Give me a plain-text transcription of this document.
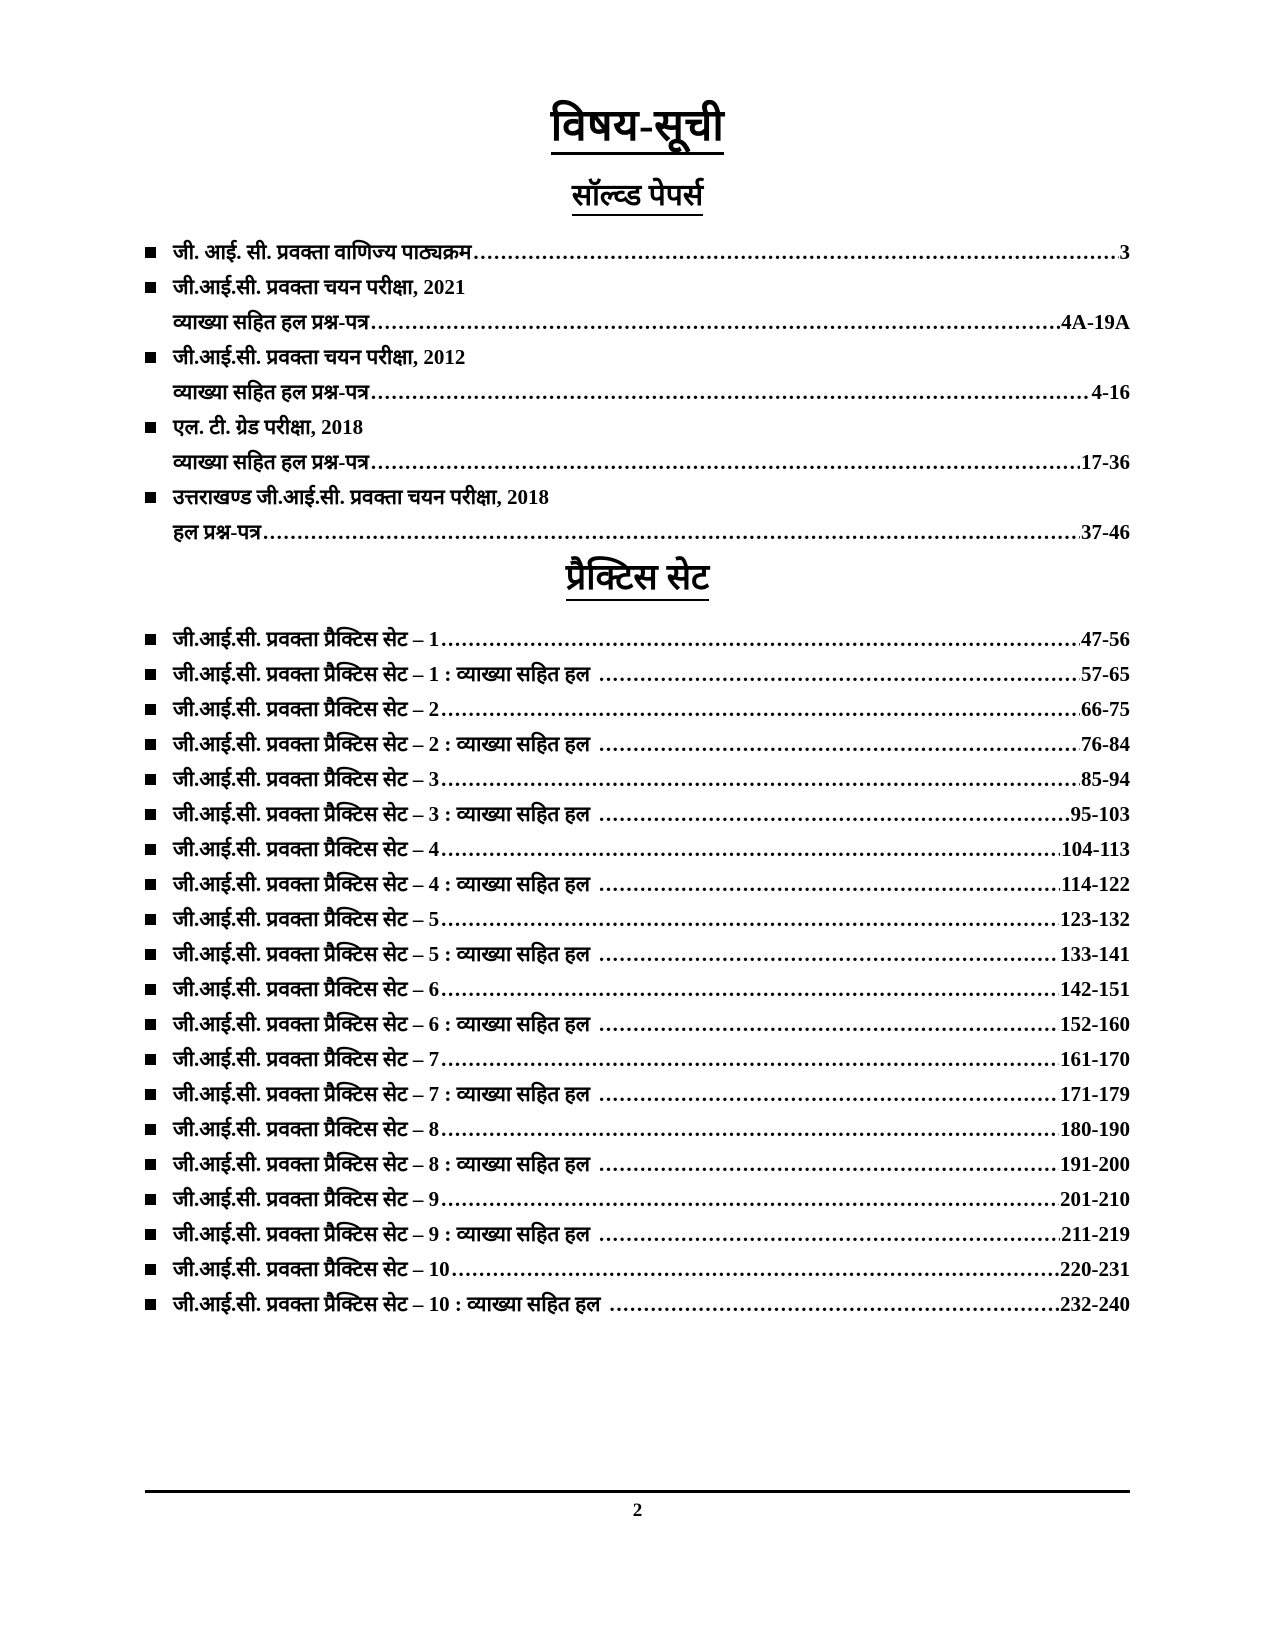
विषय-सूची
सॉल्व्ड पेपर्स
जी. आई. सी. प्रवक्ता वाणिज्य पाठ्यक्रम .....	3
जी.आई.सी. प्रवक्ता चयन परीक्षा, 2021
व्याख्या सहित हल प्रश्न-पत्र .....	4A-19A
जी.आई.सी. प्रवक्ता चयन परीक्षा, 2012
व्याख्या सहित हल प्रश्न-पत्र .....	4-16
एल. टी. ग्रेड परीक्षा, 2018
व्याख्या सहित हल प्रश्न-पत्र .....	17-36
उत्तराखण्ड जी.आई.सी. प्रवक्ता चयन परीक्षा, 2018
हल प्रश्न-पत्र .....	37-46
प्रैक्टिस सेट
जी.आई.सी. प्रवक्ता प्रैक्टिस सेट – 1 .....	47-56
जी.आई.सी. प्रवक्ता प्रैक्टिस सेट – 1 : व्याख्या सहित हल .....	57-65
जी.आई.सी. प्रवक्ता प्रैक्टिस सेट – 2 .....	66-75
जी.आई.सी. प्रवक्ता प्रैक्टिस सेट – 2 : व्याख्या सहित हल .....	76-84
जी.आई.सी. प्रवक्ता प्रैक्टिस सेट – 3 .....	85-94
जी.आई.सी. प्रवक्ता प्रैक्टिस सेट – 3 : व्याख्या सहित हल .....	95-103
जी.आई.सी. प्रवक्ता प्रैक्टिस सेट – 4 .....	104-113
जी.आई.सी. प्रवक्ता प्रैक्टिस सेट – 4 : व्याख्या सहित हल .....	114-122
जी.आई.सी. प्रवक्ता प्रैक्टिस सेट – 5 .....	123-132
जी.आई.सी. प्रवक्ता प्रैक्टिस सेट – 5 : व्याख्या सहित हल .....	133-141
जी.आई.सी. प्रवक्ता प्रैक्टिस सेट – 6 .....	142-151
जी.आई.सी. प्रवक्ता प्रैक्टिस सेट – 6 : व्याख्या सहित हल .....	152-160
जी.आई.सी. प्रवक्ता प्रैक्टिस सेट – 7 .....	161-170
जी.आई.सी. प्रवक्ता प्रैक्टिस सेट – 7 : व्याख्या सहित हल .....	171-179
जी.आई.सी. प्रवक्ता प्रैक्टिस सेट – 8 .....	180-190
जी.आई.सी. प्रवक्ता प्रैक्टिस सेट – 8 : व्याख्या सहित हल .....	191-200
जी.आई.सी. प्रवक्ता प्रैक्टिस सेट – 9 .....	201-210
जी.आई.सी. प्रवक्ता प्रैक्टिस सेट – 9 : व्याख्या सहित हल .....	211-219
जी.आई.सी. प्रवक्ता प्रैक्टिस सेट – 10 .....	220-231
जी.आई.सी. प्रवक्ता प्रैक्टिस सेट – 10 : व्याख्या सहित हल .....	232-240
2
